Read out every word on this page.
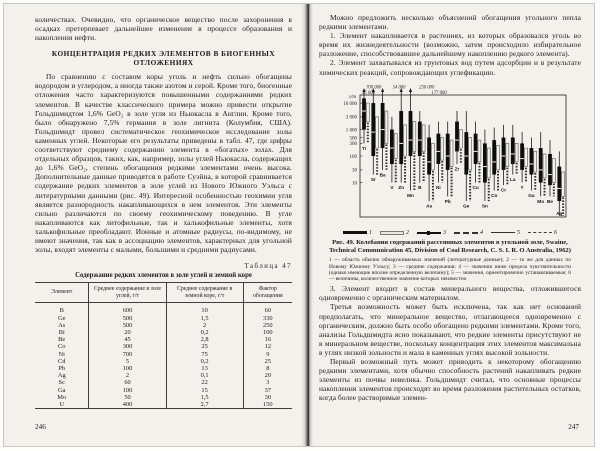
количествах. Очевидно, что органическое вещество после захоронения в осадках претерпевает дальнейшее изменение в процессе образования и накопления нефти.

КОНЦЕНТРАЦИЯ РЕДКИХ ЭЛЕМЕНТОВ В БИОГЕННЫХ ОТЛОЖЕНИЯХ

По сравнению с составом коры уголь и нефть сильно обогащены водородом и углеродом, а иногда также азотом и серой. Кроме того, биогенные отложения часто характеризуются повышенными содержаниями редких элементов. В качестве классического примера можно привести открытие Гольдшмидтом 1,6% GeO₂ в золе угля из Ньюкасла в Англии. Кроме того, было обнаружено 7,5% германия в золе лигнита (Колумбия, США). Гольдшмидт провел систематическое геохимическое исследование золы каменных углей. Некоторые его результаты приведены в табл. 47, где цифры соответствуют среднему содержанию элемента в «богатых» золах. Для отдельных образцов, таких, как, например, золы углей Ньюкасла, содержащих до 1,6% GeO₂, степень обогащения редкими элементами очень высока. Дополнительные данные приводятся в работе Суэйна, в которой сравнивается содержание редких элементов в золе углей из Нового Южного Уэльса с литературными данными (рис. 49). Интересной особенностью геохимии угля является разнородность накапливающихся в нем элементов. Эти элементы сильно различаются по своему геохимическому поведению. В угле накапливаются как литофильные, так и халькофильные элементы, хотя халькофильные преобладают. Ионные и атомные радиусы, по-видимому, не имеют значения, так как в ассоциацию элементов, характерных для угольной золы, входят элементы с малыми, большими и средними радиусами.

Таблица 47
Содержание редких элементов в золе углей и земной коре
Элемент	Среднее содержание в золе углей, г/т	Среднее содержание в земной коре, г/т	Фактор обогащения
B	600	10	60
Ge	500	1,5	330
As	500	2	250
Bi	20	0,2	100
Be	45	2,8	16
Co	300	25	12
Ni	700	75	9
Cd	5	0,2	25
Pb	100	13	8
Ag	2	0,1	20
Sc	60	22	3
Ga	100	15	37
Mo	50	1,5	30
U	400	2,7	150
246

Можно предложить несколько объяснений обогащения угольного пепла редкими элементами.

1. Элемент накапливается в растениях, из которых образовался уголь во время их жизнедеятельности (возможно, затем происходило избирательное разложение, способствовавшее дальнейшему накоплению редкого элемента).

2. Элемент захватывался из грунтовых вод путем адсорбции и в результате химических реакций, сопровождающих углефикацию.

г/т
10 000
3 000
1 000
500
300
100
30
10
Ti
Sr
Ba
V Zn
Mn
B
As
Ni
Pb
Zr
Ge
Cu
Sn
Co
Cr
La
Y
Ga
Mo Be
Ag
35 000
700 000 54 000	250 000
177 000
1	2	3	4	5	6
Рис. 49. Колебания содержаний рассеянных элементов в угольной золе, Swaine, Technical Communication 45, Division of Coal Research, C. S. I. R. O Australia, 1962)
1 — область обычно обнаруживаемых значений (литературные данные); 2 — то же для данных по Новому Южному Уэльсу; 3 — средние содержания; 4 — значения ниже предела чувствительности (однако имеющие вполне определенную величину); 5 — значения, ориентировочно устанавливаемые; 6 — величины, количественное значение которых неизвестно

3. Элемент входит в состав минерального вещества, отложившегося одновременно с органическим материалом.

Третья возможность может быть исключена, так как нет оснований предполагать, что минеральное вещество, отлагающееся одновременно с органическим, должно быть особо обогащено редкими элементами. Кроме того, анализы Гольдшмидта ясно показывают, что редкие элементы присутствуют не в минеральном веществе, поскольку концентрация этих элементов максимальна в углях низкой зольности и мала в каменных углях высокой зольности.

Первый возможный путь может приводить к некоторому обогащению редкими элементами, хотя обычно способность растений накапливать редкие элементы из почвы невелика. Гольдшмидт считал, что основные процессы накопления элементов происходят во время разложения растительных остатков, когда более растворимые элемен-

247
